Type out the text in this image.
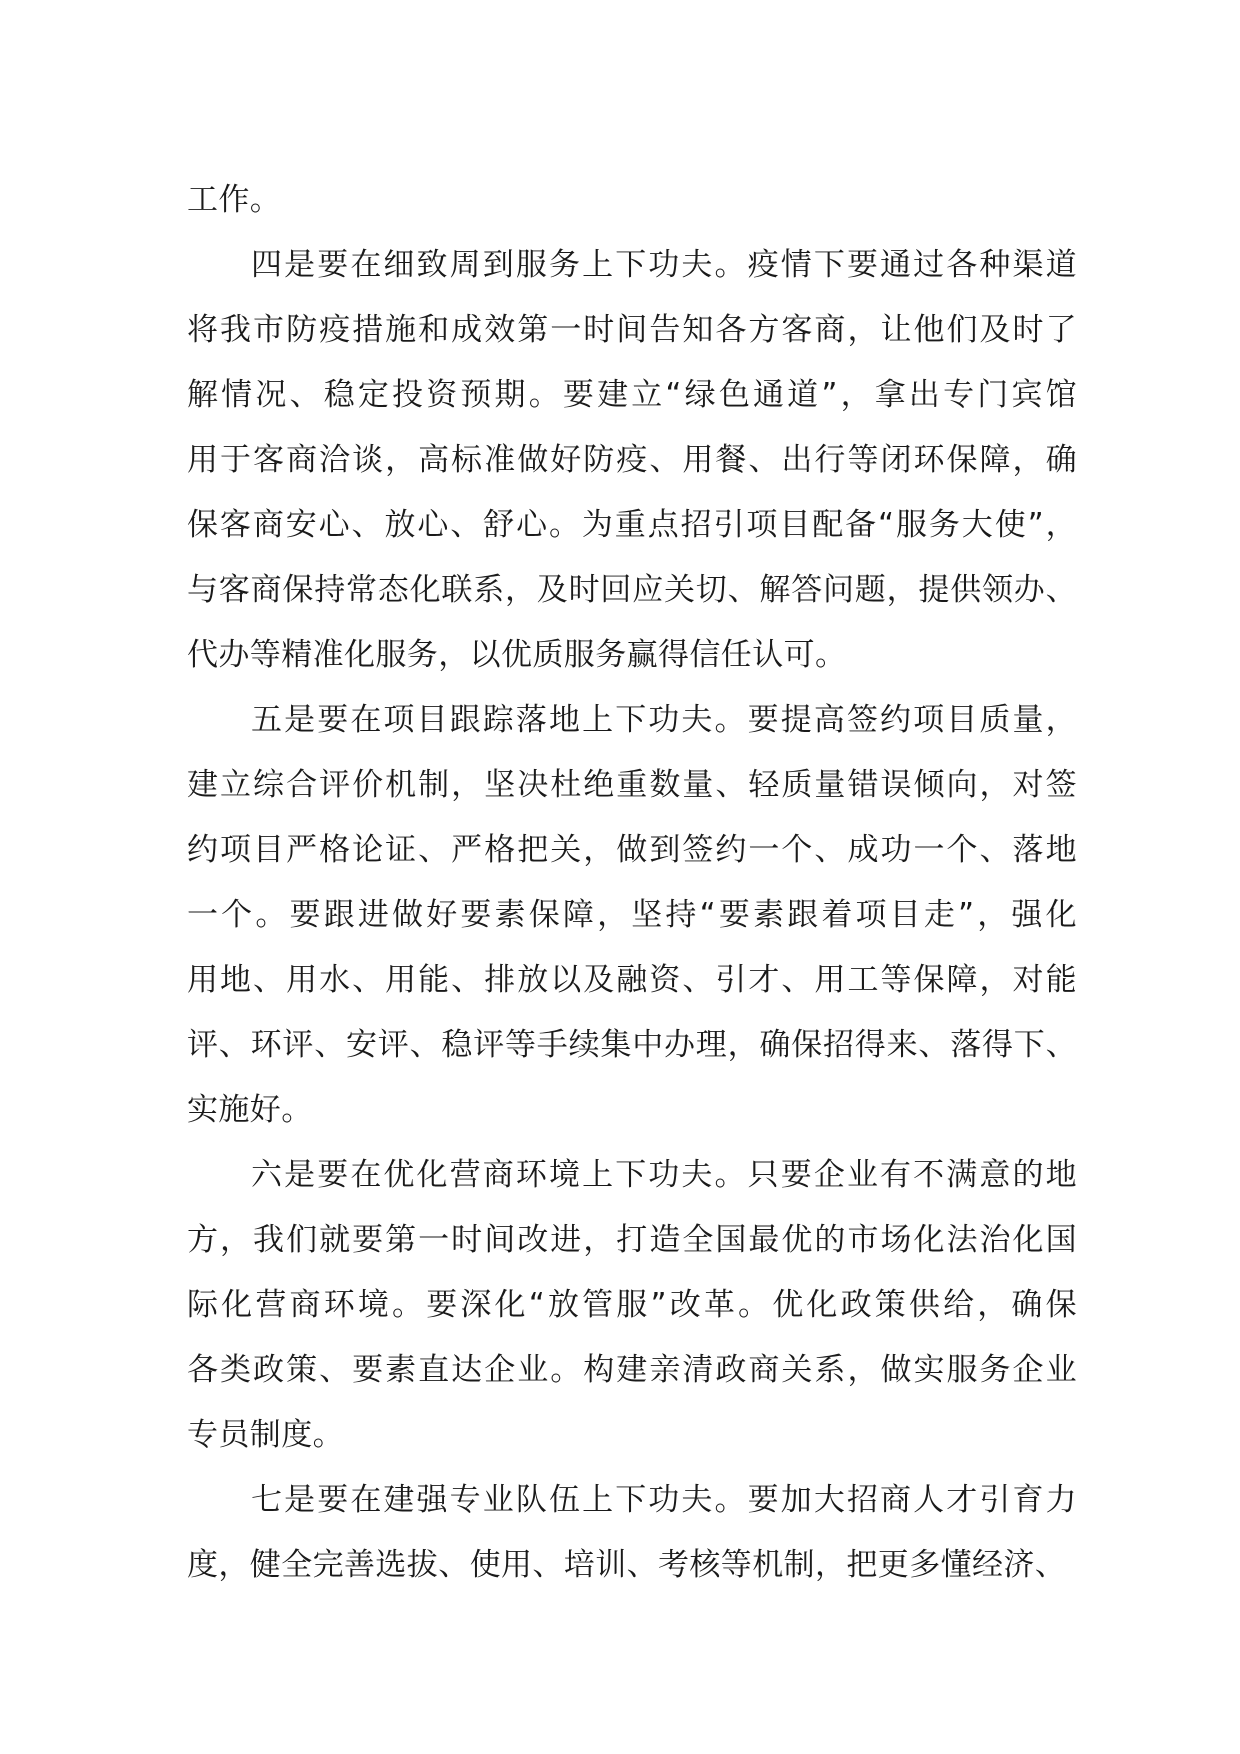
工作。
四是要在细致周到服务上下功夫。疫情下要通过各种渠道
将我市防疫措施和成效第一时间告知各方客商，让他们及时了
解情况、稳定投资预期。要建立“绿色通道”，拿出专门宾馆
用于客商洽谈，高标准做好防疫、用餐、出行等闭环保障，确
保客商安心、放心、舒心。为重点招引项目配备“服务大使”，
与客商保持常态化联系，及时回应关切、解答问题，提供领办、
代办等精准化服务，以优质服务赢得信任认可。
五是要在项目跟踪落地上下功夫。要提高签约项目质量，
建立综合评价机制，坚决杜绝重数量、轻质量错误倾向，对签
约项目严格论证、严格把关，做到签约一个、成功一个、落地
一个。要跟进做好要素保障，坚持“要素跟着项目走”，强化
用地、用水、用能、排放以及融资、引才、用工等保障，对能
评、环评、安评、稳评等手续集中办理，确保招得来、落得下、
实施好。
六是要在优化营商环境上下功夫。只要企业有不满意的地
方，我们就要第一时间改进，打造全国最优的市场化法治化国
际化营商环境。要深化“放管服”改革。优化政策供给，确保
各类政策、要素直达企业。构建亲清政商关系，做实服务企业
专员制度。
七是要在建强专业队伍上下功夫。要加大招商人才引育力
度，健全完善选拔、使用、培训、考核等机制，把更多懂经济、
